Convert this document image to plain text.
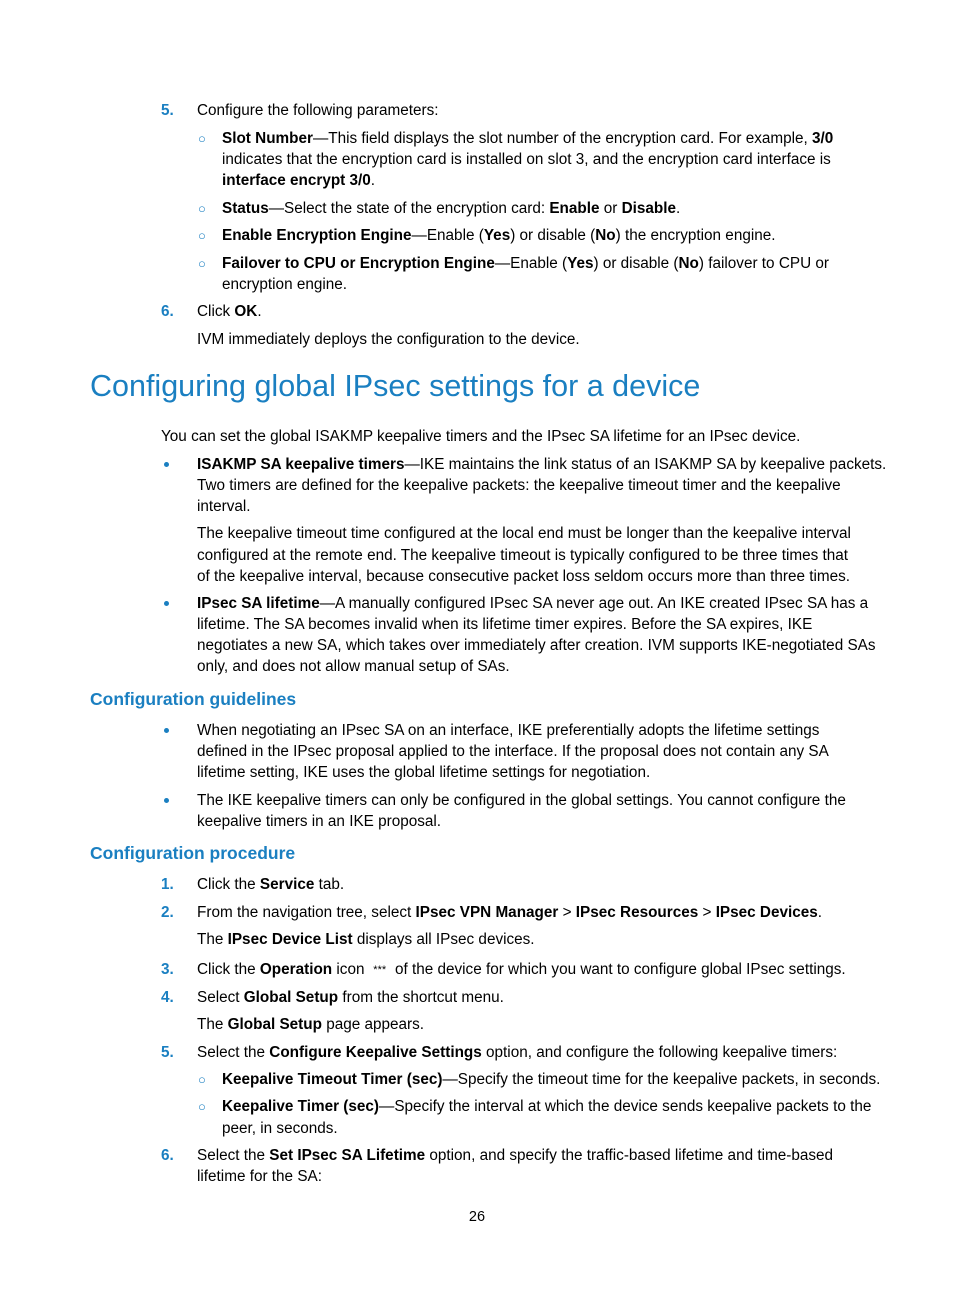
5. Configure the following parameters:
○ Slot Number—This field displays the slot number of the encryption card. For example, 3/0
indicates that the encryption card is installed on slot 3, and the encryption card interface is
interface encrypt 3/0.
○ Status—Select the state of the encryption card: Enable or Disable.
○ Enable Encryption Engine—Enable (Yes) or disable (No) the encryption engine.
○ Failover to CPU or Encryption Engine—Enable (Yes) or disable (No) failover to CPU or
encryption engine.
6. Click OK.
IVM immediately deploys the configuration to the device.
Configuring global IPsec settings for a device
You can set the global ISAKMP keepalive timers and the IPsec SA lifetime for an IPsec device.
ISAKMP SA keepalive timers—IKE maintains the link status of an ISAKMP SA by keepalive packets.
Two timers are defined for the keepalive packets: the keepalive timeout timer and the keepalive
interval.
The keepalive timeout time configured at the local end must be longer than the keepalive interval
configured at the remote end. The keepalive timeout is typically configured to be three times that
of the keepalive interval, because consecutive packet loss seldom occurs more than three times.
IPsec SA lifetime—A manually configured IPsec SA never age out. An IKE created IPsec SA has a
lifetime. The SA becomes invalid when its lifetime timer expires. Before the SA expires, IKE
negotiates a new SA, which takes over immediately after creation. IVM supports IKE-negotiated SAs
only, and does not allow manual setup of SAs.
Configuration guidelines
When negotiating an IPsec SA on an interface, IKE preferentially adopts the lifetime settings
defined in the IPsec proposal applied to the interface. If the proposal does not contain any SA
lifetime setting, IKE uses the global lifetime settings for negotiation.
The IKE keepalive timers can only be configured in the global settings. You cannot configure the
keepalive timers in an IKE proposal.
Configuration procedure
1. Click the Service tab.
2. From the navigation tree, select IPsec VPN Manager > IPsec Resources > IPsec Devices.
The IPsec Device List displays all IPsec devices.
3. Click the Operation icon *** of the device for which you want to configure global IPsec settings.
4. Select Global Setup from the shortcut menu.
The Global Setup page appears.
5. Select the Configure Keepalive Settings option, and configure the following keepalive timers:
○ Keepalive Timeout Timer (sec)—Specify the timeout time for the keepalive packets, in seconds.
○ Keepalive Timer (sec)—Specify the interval at which the device sends keepalive packets to the
peer, in seconds.
6. Select the Set IPsec SA Lifetime option, and specify the traffic-based lifetime and time-based
lifetime for the SA:
26
